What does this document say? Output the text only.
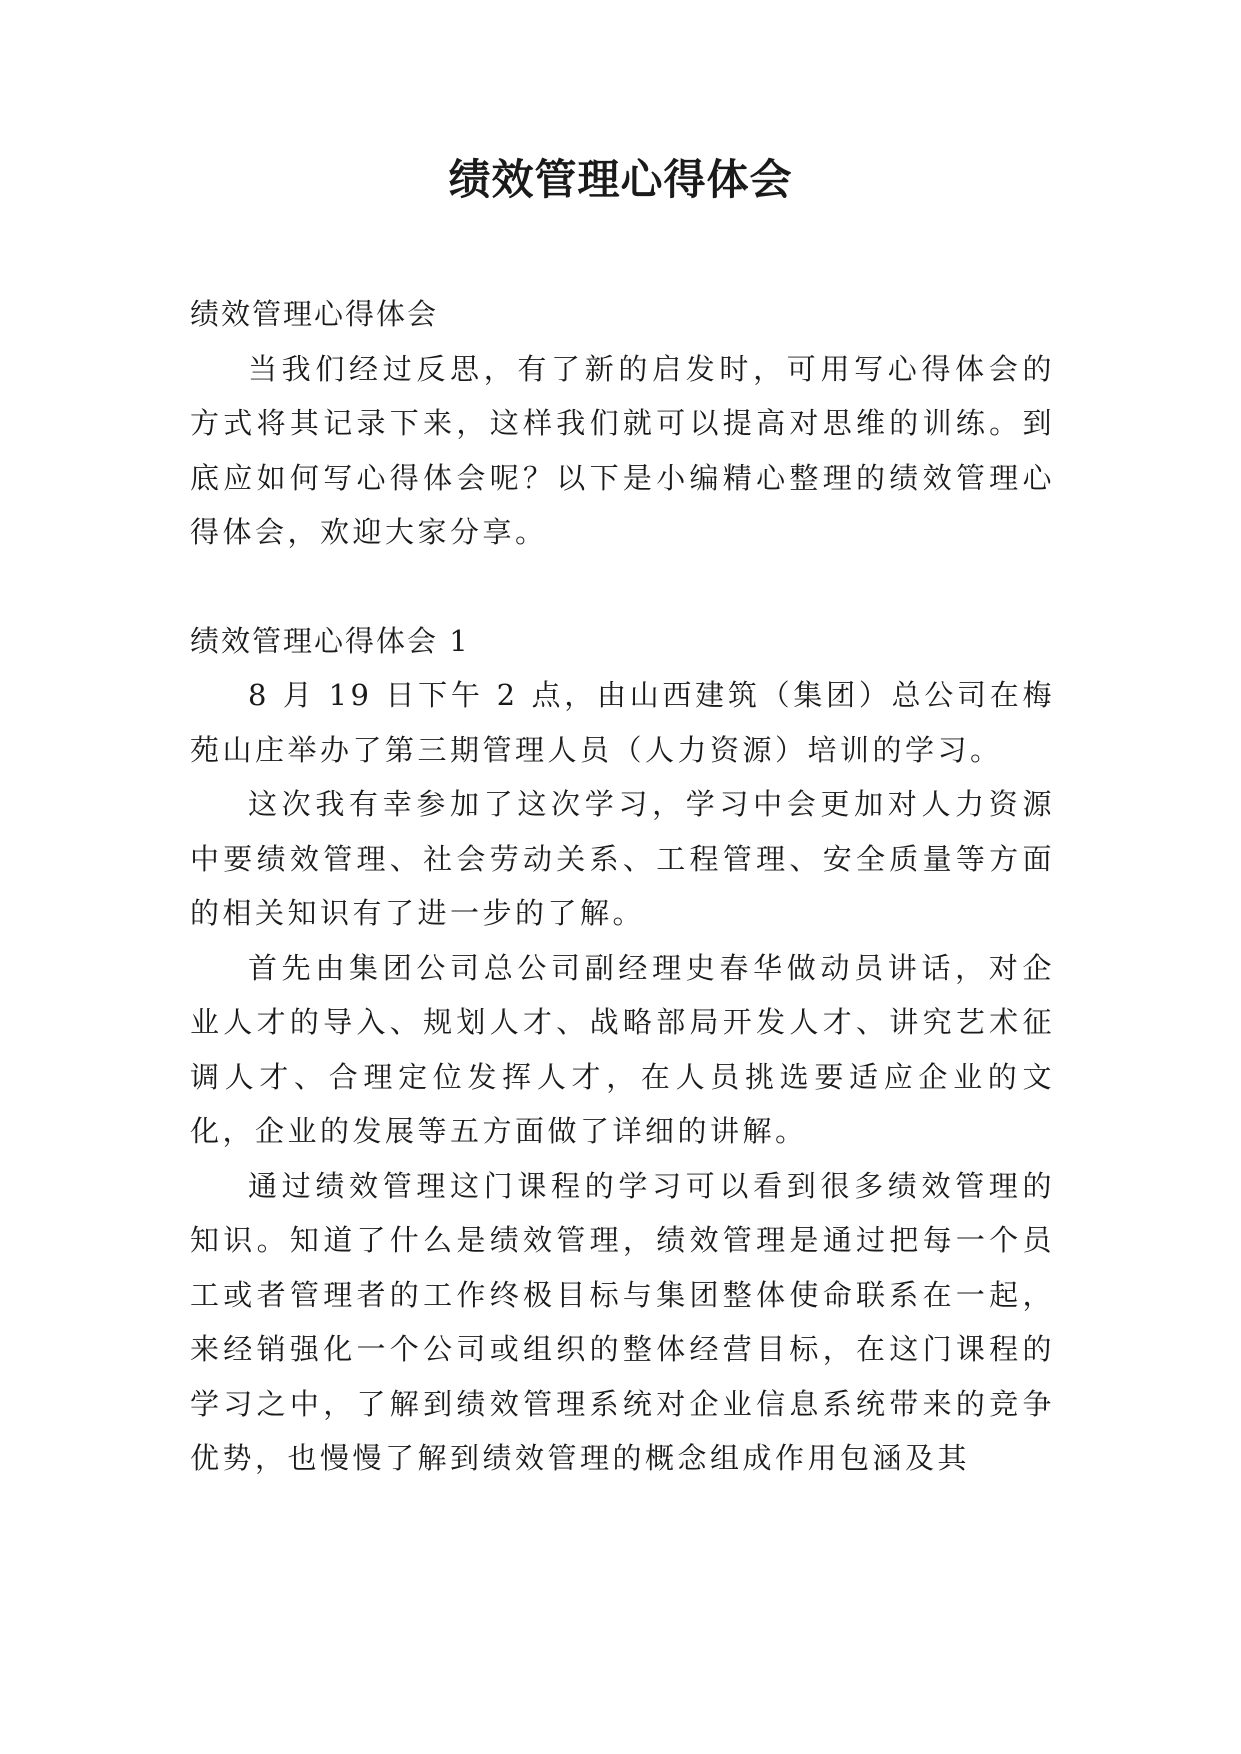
绩效管理心得体会

绩效管理心得体会

当我们经过反思，有了新的启发时，可用写心得体会的方式将其记录下来，这样我们就可以提高对思维的训练。到底应如何写心得体会呢？以下是小编精心整理的绩效管理心得体会，欢迎大家分享。

绩效管理心得体会 1

8 月 19 日下午 2 点，由山西建筑（集团）总公司在梅苑山庄举办了第三期管理人员（人力资源）培训的学习。

这次我有幸参加了这次学习，学习中会更加对人力资源中要绩效管理、社会劳动关系、工程管理、安全质量等方面的相关知识有了进一步的了解。

首先由集团公司总公司副经理史春华做动员讲话，对企业人才的导入、规划人才、战略部局开发人才、讲究艺术征调人才、合理定位发挥人才，在人员挑选要适应企业的文化，企业的发展等五方面做了详细的讲解。

通过绩效管理这门课程的学习可以看到很多绩效管理的知识。知道了什么是绩效管理，绩效管理是通过把每一个员工或者管理者的工作终极目标与集团整体使命联系在一起，来经销强化一个公司或组织的整体经营目标，在这门课程的学习之中，了解到绩效管理系统对企业信息系统带来的竞争优势，也慢慢了解到绩效管理的概念组成作用包涵及其
